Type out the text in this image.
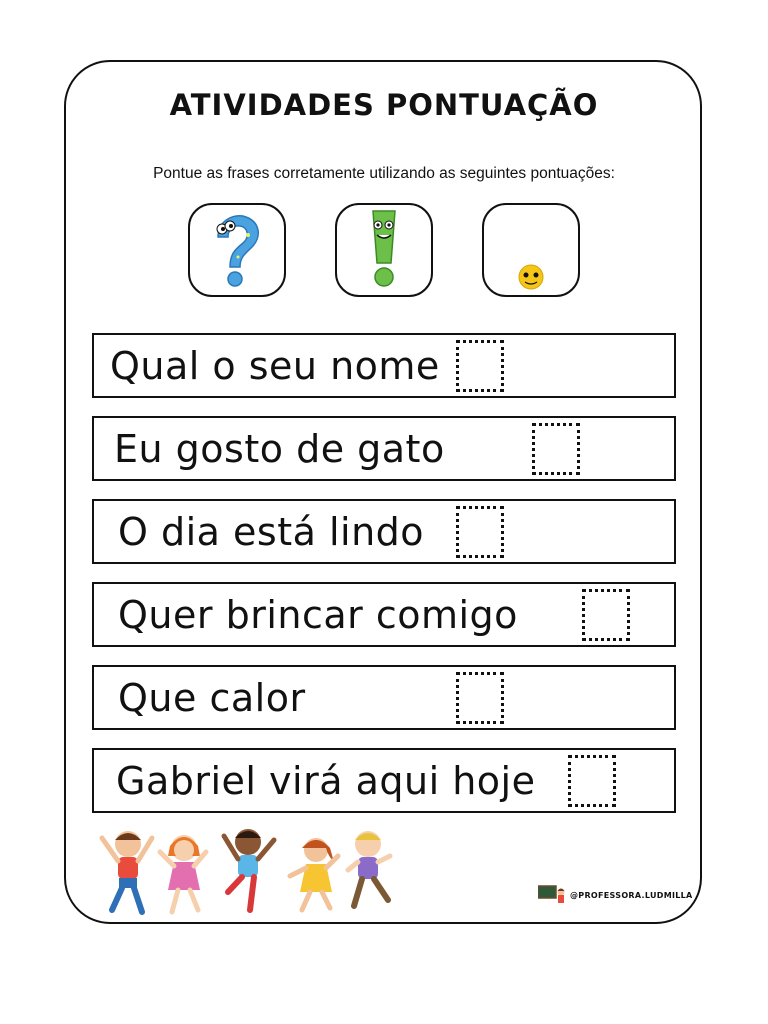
ATIVIDADES PONTUAÇÃO
Pontue as frases corretamente utilizando as seguintes pontuações:
Qual o seu nome
Eu gosto de gato
O dia está lindo
Quer brincar comigo
Que calor
Gabriel virá aqui hoje
@PROFESSORA.LUDMILLA
